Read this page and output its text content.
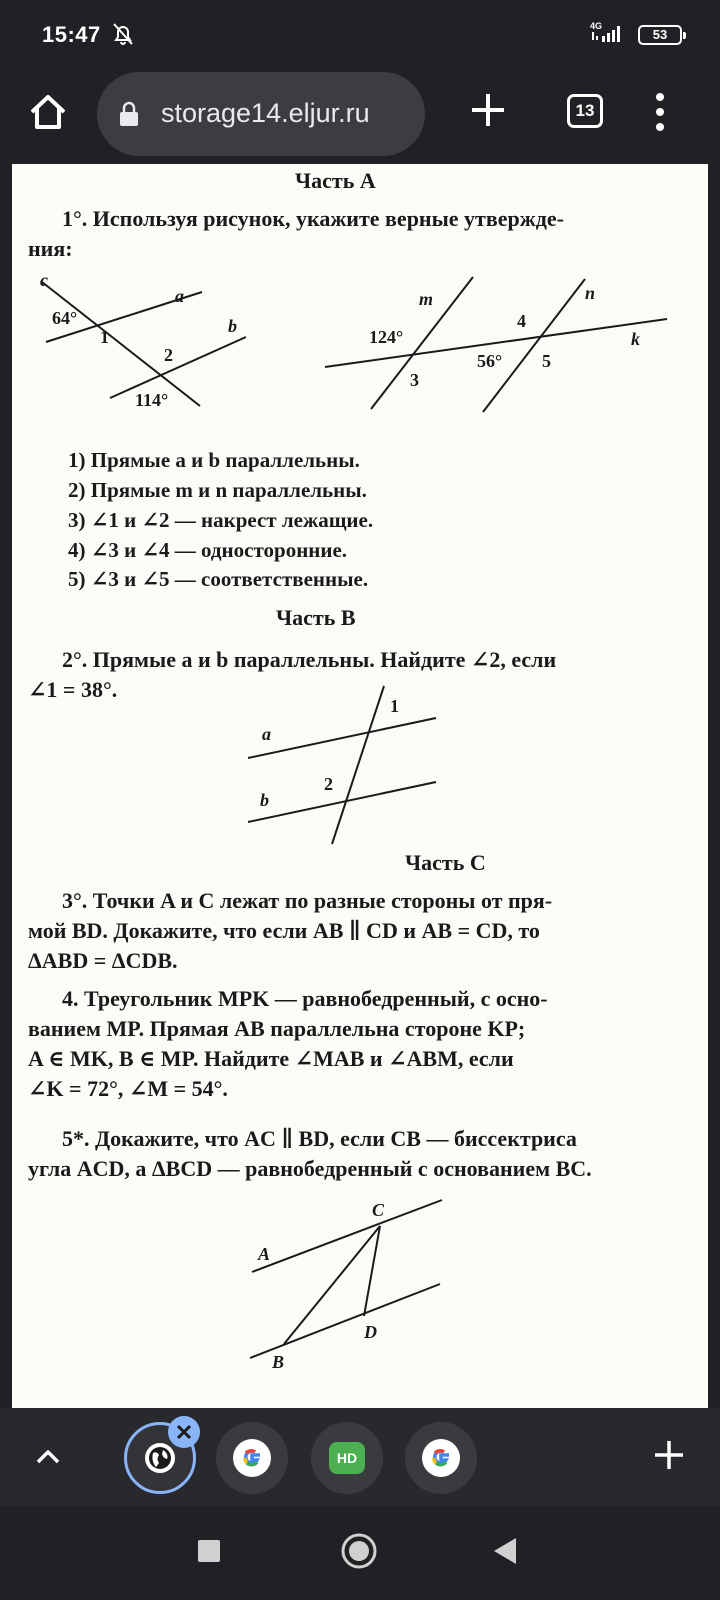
15:47	4G
53
storage14.eljur.ru	13
Часть А
1°. Используя рисунок, укажите верные утвержде-
ния:
c
a
b
64°
1
2
114°
m	n
k
124°
4
56° 5
3
1) Прямые a и b параллельны.
2) Прямые m и n параллельны.
3) ∠1 и ∠2 — накрест лежащие.
4) ∠3 и ∠4 — односторонние.
5) ∠3 и ∠5 — соответственные.
Часть В
2°. Прямые a и b параллельны. Найдите ∠2, если
∠1 = 38°.
a
b
1
2
Часть С
3°. Точки A и C лежат по разные стороны от пря-
мой BD. Докажите, что если AB ∥ CD и AB = CD, то
ΔABD = ΔCDB.
4. Треугольник MPK — равнобедренный, с осно-
ванием MP. Прямая AB параллельна стороне KP;
A ∈ MK, B ∈ MP. Найдите ∠MAB и ∠ABM, если
∠K = 72°, ∠M = 54°.
5*. Докажите, что AC ∥ BD, если CB — биссектриса
угла ACD, а ΔBCD — равнобедренный с основанием BC.
A
C
D
B
HD
